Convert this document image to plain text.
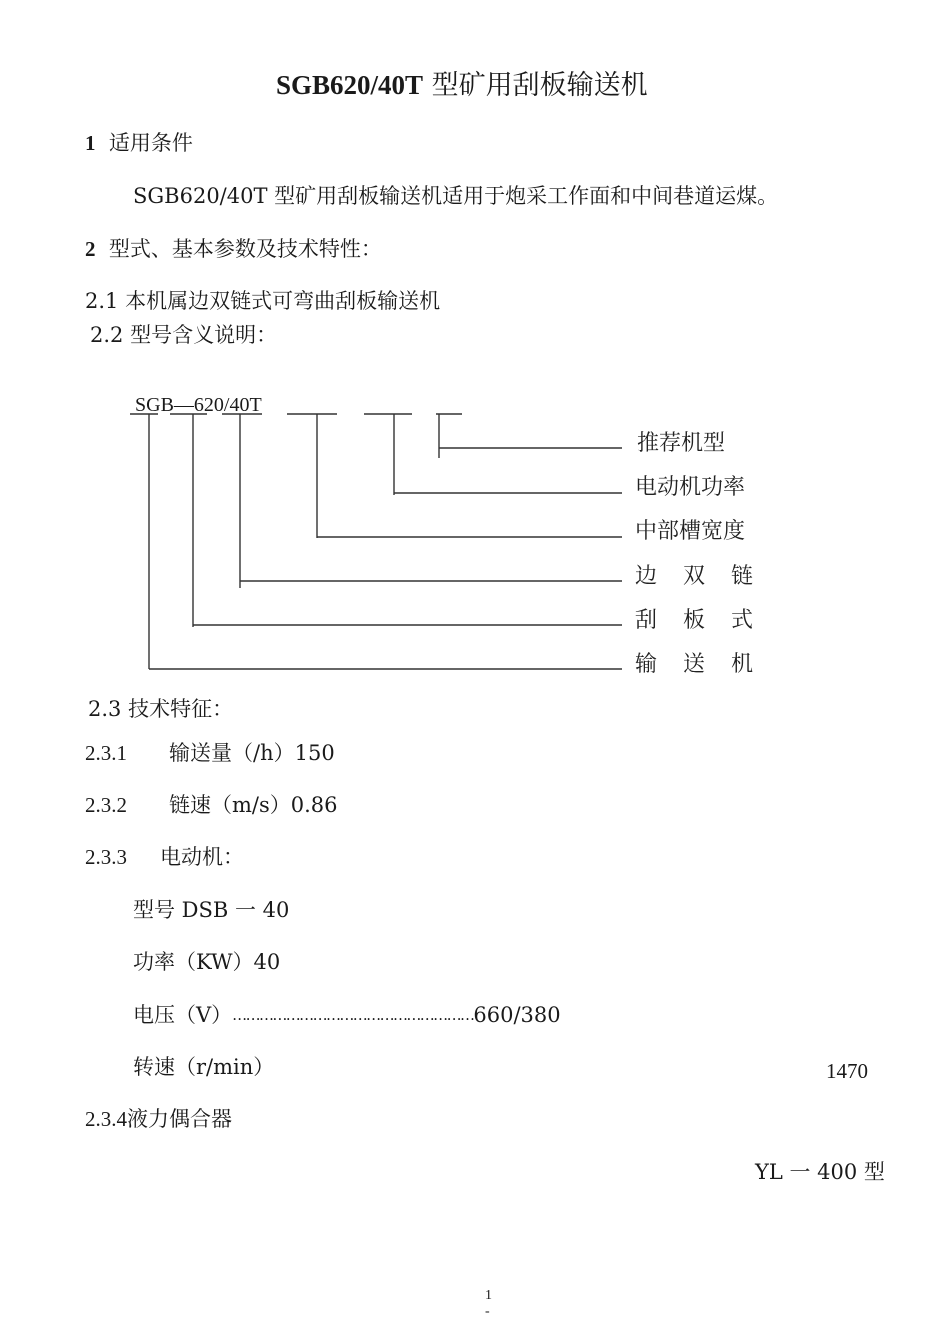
SGB620/40T 型矿用刮板输送机
1 适用条件
SGB620/40T 型矿用刮板输送机适用于炮采工作面和中间巷道运煤。
2 型式、基本参数及技术特性：
2.1 本机属边双链式可弯曲刮板输送机
2.2 型号含义说明：
SGB—620/40T
推荐机型
电动机功率
中部槽宽度
边双链
刮板式
输送机
2.3 技术特征：
2.3.1 输送量（/h）150
2.3.2 链速（m/s）0.86
2.3.3 电动机：
型号 DSB 一 40
功率（KW）40
电压（V）………………………………………………660/380
转速（r/min）	1470
2.3.4液力偶合器
YL 一 400 型
1
-
